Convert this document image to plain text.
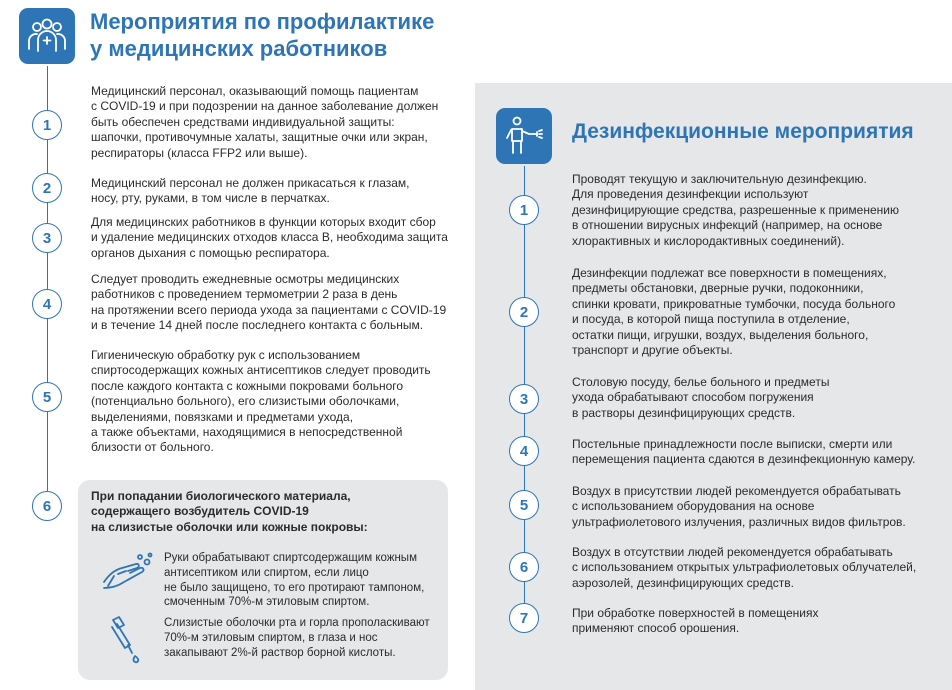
Мероприятия по профилактике
у медицинских работников
1
2
3
4
5
6
Медицинский персонал, оказывающий помощь пациентам
с COVID-19 и при подозрении на данное заболевание должен
быть обеспечен средствами индивидуальной защиты:
шапочки, противочумные халаты, защитные очки или экран,
респираторы (класса FFP2 или выше).
Медицинский персонал не должен прикасаться к глазам,
носу, рту, руками, в том числе в перчатках.
Для медицинских работников в функции которых входит сбор
и удаление медицинских отходов класса В, необходима защита
органов дыхания с помощью респиратора.
Следует проводить ежедневные осмотры медицинских
работников с проведением термометрии 2 раза в день
на протяжении всего периода ухода за пациентами с COVID-19
и в течение 14 дней после последнего контакта с больным.
Гигиеническую обработку рук с использованием
спиртосодержащих кожных антисептиков следует проводить
после каждого контакта с кожными покровами больного
(потенциально больного), его слизистыми оболочками,
выделениями, повязками и предметами ухода,
а также объектами, находящимися в непосредственной
близости от больного.
При попадании биологического материала,
содержащего возбудитель COVID-19
на слизистые оболочки или кожные покровы:
Руки обрабатывают спиртсодержащим кожным
антисептиком или спиртом, если лицо
не было защищено, то его протирают тампоном,
смоченным 70%-м этиловым спиртом.
Слизистые оболочки рта и горла прополаскивают
70%-м этиловым спиртом, в глаза и нос
закапывают 2%-й раствор борной кислоты.
Дезинфекционные мероприятия
1
2
3
4
5
6
7
Проводят текущую и заключительную дезинфекцию.
Для проведения дезинфекции используют
дезинфицирующие средства, разрешенные к применению
в отношении вирусных инфекций (например, на основе
хлорактивных и кислородактивных соединений).
Дезинфекции подлежат все поверхности в помещениях,
предметы обстановки, дверные ручки, подоконники,
спинки кровати, прикроватные тумбочки, посуда больного
и посуда, в которой пища поступила в отделение,
остатки пищи, игрушки, воздух, выделения больного,
транспорт и другие объекты.
Столовую посуду, белье больного и предметы
ухода обрабатывают способом погружения
в растворы дезинфицирующих средств.
Постельные принадлежности после выписки, смерти или
перемещения пациента сдаются в дезинфекционную камеру.
Воздух в присутствии людей рекомендуется обрабатывать
с использованием оборудования на основе
ультрафиолетового излучения, различных видов фильтров.
Воздух в отсутствии людей рекомендуется обрабатывать
с использованием открытых ультрафиолетовых облучателей,
аэрозолей, дезинфицирующих средств.
При обработке поверхностей в помещениях
применяют способ орошения.
